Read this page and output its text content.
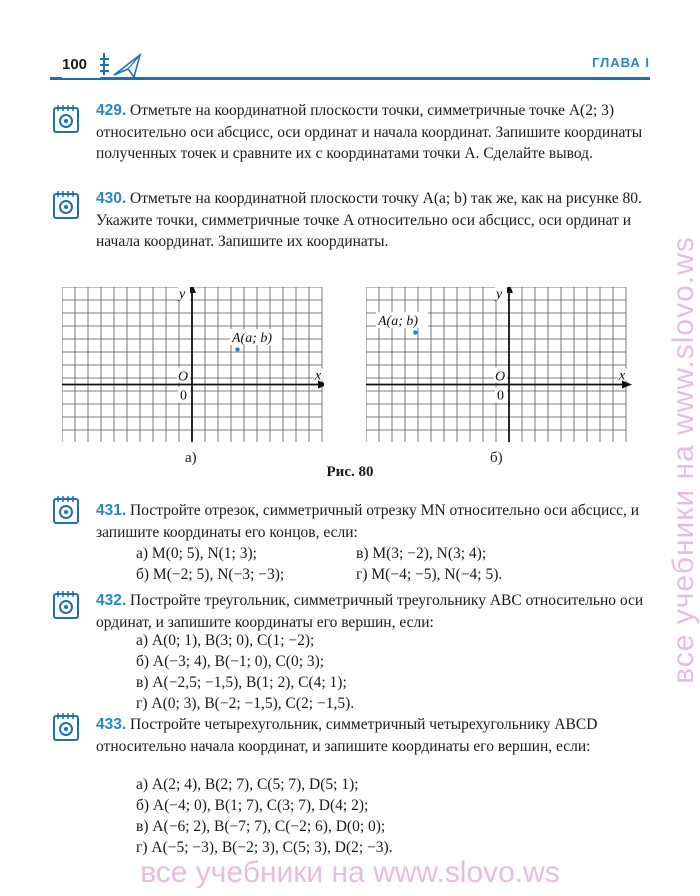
100	ГЛАВА I
429. Отметьте на координатной плоскости точки, симметричные точке A(2; 3) относительно оси абсцисс, оси ординат и начала координат. Запишите координаты полученных точек и сравните их с координатами точки A. Сделайте вывод.
430. Отметьте на координатной плоскости точку A(a; b) так же, как на рисунке 80. Укажите точки, симметричные точке A относительно оси абсцисс, оси ординат и начала координат. Запишите их координаты.
x
y
O
0
A(a; b)
а)
x
y
O
0
A(a; b)
б)
Рис. 80
431. Постройте отрезок, симметричный отрезку MN относительно оси абсцисс, и запишите координаты его концов, если:
а) M(0; 5), N(1; 3);
б) M(−2; 5), N(−3; −3);
в) M(3; −2), N(3; 4);
г) M(−4; −5), N(−4; 5).
432. Постройте треугольник, симметричный треугольнику ABC относительно оси ординат, и запишите координаты его вершин, если:
а) A(0; 1), B(3; 0), C(1; −2);
б) A(−3; 4), B(−1; 0), C(0; 3);
в) A(−2,5; −1,5), B(1; 2), C(4; 1);
г) A(0; 3), B(−2; −1,5), C(2; −1,5).
433. Постройте четырехугольник, симметричный четырехугольнику ABCD относительно начала координат, и запишите координаты его вершин, если:
а) A(2; 4), B(2; 7), C(5; 7), D(5; 1);
б) A(−4; 0), B(1; 7), C(3; 7), D(4; 2);
в) A(−6; 2), B(−7; 7), C(−2; 6), D(0; 0);
г) A(−5; −3), B(−2; 3), C(5; 3), D(2; −3).
все учебники на www.slovo.ws
все учебники на www.slovo.ws
